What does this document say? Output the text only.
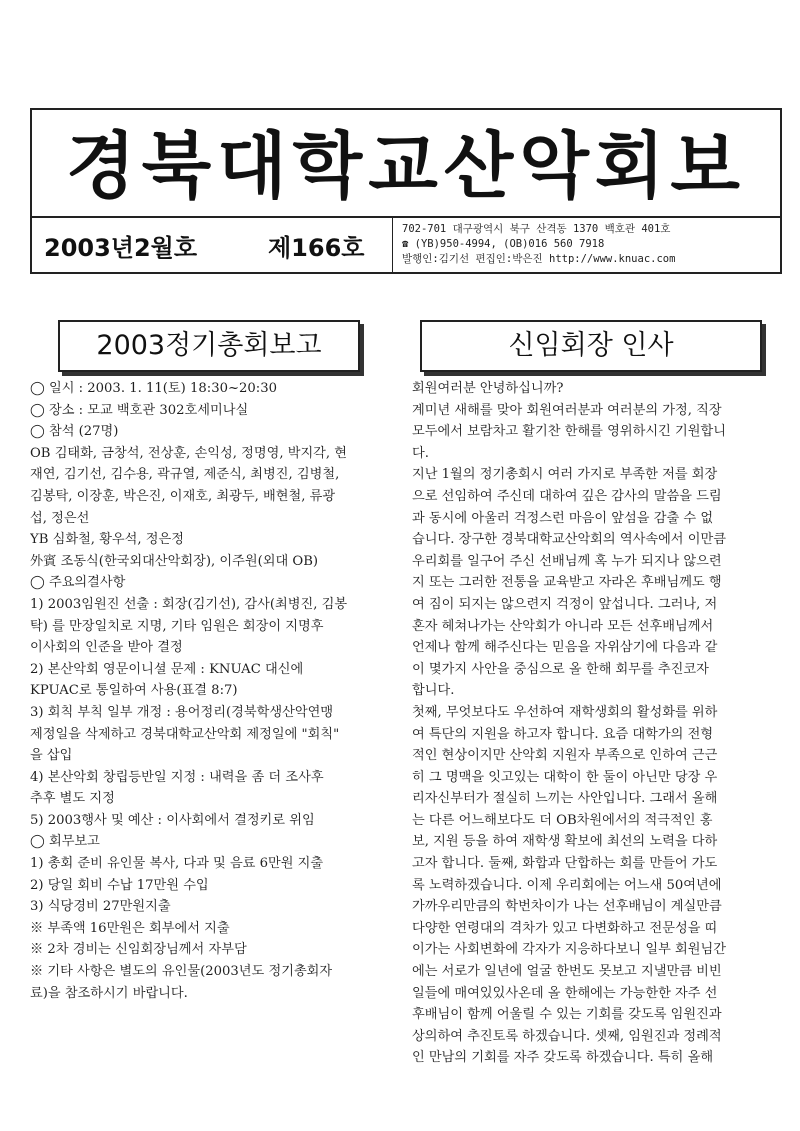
경북대학교산악회보
2003년2월호	제166호
702-701 대구광역시 북구 산격동 1370 백호관 401호
☎ (YB)950-4994, (OB)016 560 7918
발행인:김기선 편집인:박은진 http://www.knuac.com
2003정기총회보고	신임회장 인사
◯ 일시 : 2003. 1. 11(토) 18:30~20:30
◯ 장소 : 모교 백호관 302호세미나실
◯ 참석 (27명)
OB 김태화, 금창석, 전상훈, 손익성, 정명영, 박지각, 현
재연, 김기선, 김수용, 곽규열, 제준식, 최병진, 김병철,
김봉탁, 이장훈, 박은진, 이재호, 최광두, 배현철, 류광
섭, 정은선
YB 심화철, 황우석, 정은정
外賓 조동식(한국외대산악회장), 이주원(외대 OB)
◯ 주요의결사항
1) 2003임원진 선출 : 회장(김기선), 감사(최병진, 김봉
탁) 를 만장일치로 지명, 기타 임원은 회장이 지명후
이사회의 인준을 받아 결정
2) 본산악회 영문이니셜 문제 : KNUAC 대신에
KPUAC로 통일하여 사용(표결 8:7)
3) 회칙 부칙 일부 개정 : 용어정리(경북학생산악연맹
제정일을 삭제하고 경북대학교산악회 제정일에 "회칙"
을 삽입
4) 본산악회 창립등반일 지정 : 내력을 좀 더 조사후
추후 별도 지정
5) 2003행사 및 예산 : 이사회에서 결정키로 위임
◯ 회무보고
1) 총회 준비 유인물 복사, 다과 및 음료 6만원 지출
2) 당일 회비 수납 17만원 수입
3) 식당경비 27만원지출
※ 부족액 16만원은 회부에서 지출
※ 2차 경비는 신임회장님께서 자부담
※ 기타 사항은 별도의 유인물(2003년도 정기총회자
료)을 참조하시기 바랍니다.
회원여러분 안녕하십니까?
계미년 새해를 맞아 회원여러분과 여러분의 가정, 직장
모두에서 보람차고 활기찬 한해를 영위하시긴 기원합니
다.
지난 1월의 정기총회시 여러 가지로 부족한 저를 회장
으로 선임하여 주신데 대하여 깊은 감사의 말씀을 드림
과 동시에 아울러 걱정스런 마음이 앞섬을 감출 수 없
습니다. 장구한 경북대학교산악회의 역사속에서 이만큼
우리회를 일구어 주신 선배님께 혹 누가 되지나 않으련
지 또는 그러한 전통을 교육받고 자라온 후배님께도 행
여 짐이 되지는 않으련지 걱정이 앞섭니다. 그러나, 저
혼자 헤쳐나가는 산악회가 아니라 모든 선후배님께서
언제나 함께 해주신다는 믿음을 자위삼기에 다음과 같
이 몇가지 사안을 중심으로 올 한해 회무를 추진코자
합니다.
첫째, 무엇보다도 우선하여 재학생회의 활성화를 위하
여 특단의 지원을 하고자 합니다. 요즘 대학가의 전형
적인 현상이지만 산악회 지원자 부족으로 인하여 근근
히 그 명맥을 잇고있는 대학이 한 둘이 아닌만 당장 우
리자신부터가 절실히 느끼는 사안입니다. 그래서 올해
는 다른 어느해보다도 더 OB차원에서의 적극적인 홍
보, 지원 등을 하여 재학생 확보에 최선의 노력을 다하
고자 합니다. 둘째, 화합과 단합하는 회를 만들어 가도
록 노력하겠습니다. 이제 우리회에는 어느새 50여년에
가까우리만큼의 학번차이가 나는 선후배님이 계실만큼
다양한 연령대의 격차가 있고 다변화하고 전문성을 띠
이가는 사회변화에 각자가 지응하다보니 일부 회원님간
에는 서로가 일년에 얼굴 한번도 못보고 지낼만큼 비빈
일들에 매여있있사온데 올 한해에는 가능한한 자주 선
후배님이 함께 어울릴 수 있는 기회를 갖도록 임원진과
상의하여 추진토록 하겠습니다. 셋째, 임원진과 정례적
인 만남의 기회를 자주 갖도록 하겠습니다. 특히 올해
